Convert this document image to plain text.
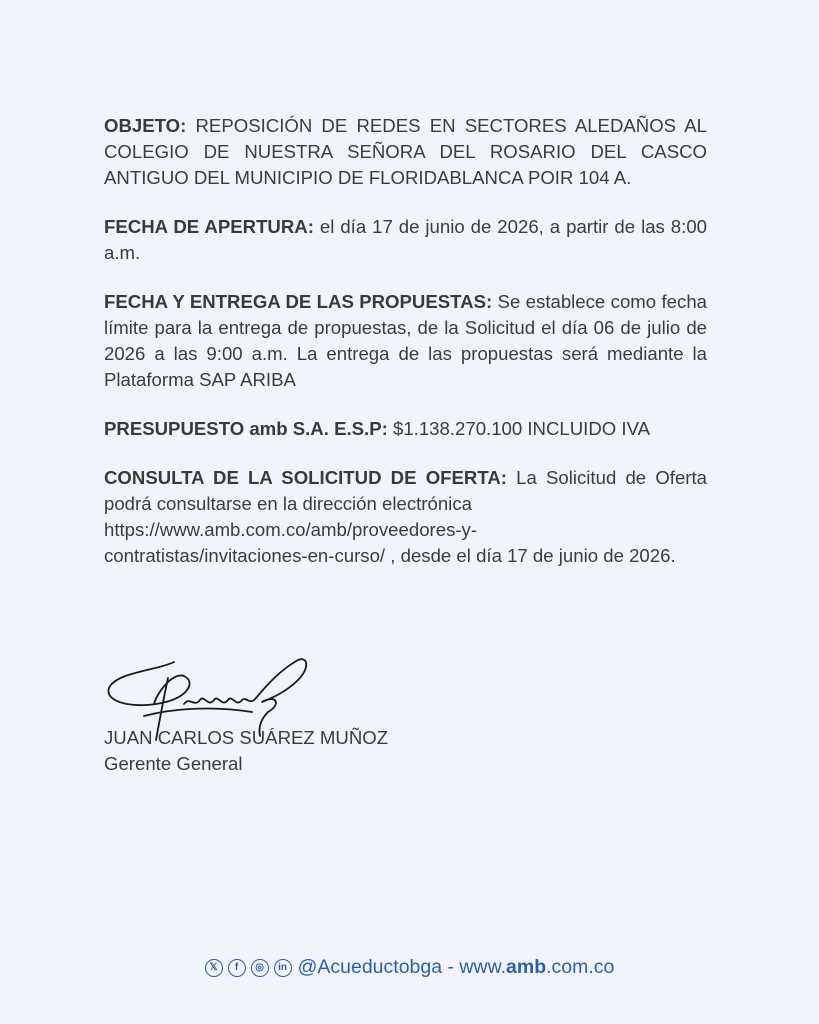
OBJETO: REPOSICIÓN DE REDES EN SECTORES ALEDAÑOS AL COLEGIO DE NUESTRA SEÑORA DEL ROSARIO DEL CASCO ANTIGUO DEL MUNICIPIO DE FLORIDABLANCA POIR 104 A.

FECHA DE APERTURA: el día 17 de junio de 2026, a partir de las 8:00 a.m.

FECHA Y ENTREGA DE LAS PROPUESTAS: Se establece como fecha límite para la entrega de propuestas, de la Solicitud el día 06 de julio de 2026 a las 9:00 a.m. La entrega de las propuestas será mediante la Plataforma SAP ARIBA

PRESUPUESTO amb S.A. E.S.P: $1.138.270.100 INCLUIDO IVA

CONSULTA DE LA SOLICITUD DE OFERTA: La Solicitud de Oferta podrá consultarse en la dirección electrónica
https://www.amb.com.co/amb/proveedores-y-
contratistas/invitaciones-en-curso/ , desde el día 17 de junio de 2026.

JUAN CARLOS SUÁREZ MUÑOZ
Gerente General
𝕏	f	◎	in @Acueductobga - www.amb.com.co
